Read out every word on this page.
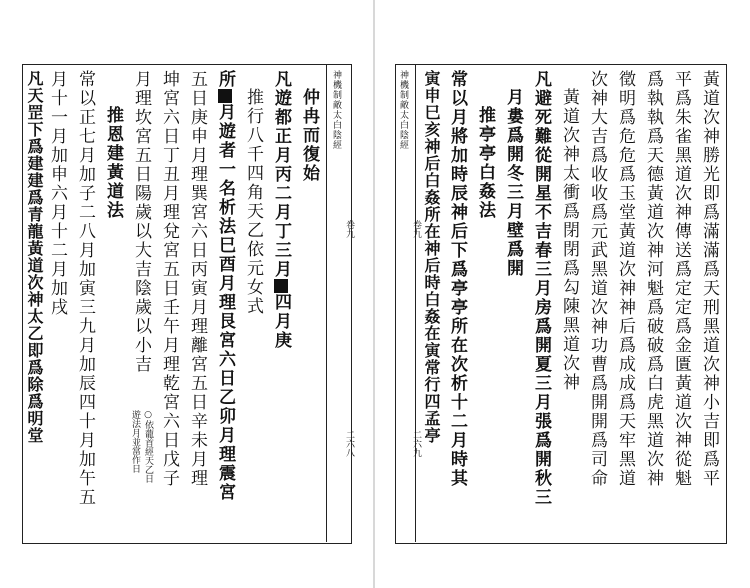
神機制敵太白陰經
卷九
二六八
仲冉而復始
凡遊都正月丙二月丁三月四月庚
推行八千四角天乙依元女式
所月遊者一名析法巳酉月理艮宮六日乙卯月理震宮
五日庚申月理巽宮六日丙寅月理離宮五日辛未月理
坤宮六日丁丑月理兌宮五日壬午月理乾宮六日戊子
月理坎宮五日陽歲以大吉陰歲以小吉
○依蘢首經天乙日
遊法月並當作日
推恩建黃道法
常以正七月加子二八月加寅三九月加辰四十月加午五
月十一月加申六月十二月加戌
凡天罡下爲建建爲青龍黃道次神太乙即爲除爲明堂	神機制敵太白陰經
卷九
二六九	黃道次神勝光即爲滿滿爲天刑黑道次神小吉即爲平
平爲朱雀黑道次神傳送爲定定爲金匱黃道次神從魁
爲執執爲天德黃道次神河魁爲破破爲白虎黑道次神
徵明爲危危爲玉堂黃道次神神后爲成成爲天牢黑道
次神大吉爲收收爲元武黑道次神功曹爲開開爲司命
黃道次神太衝爲閉閉爲勾陳黑道次神
凡避死難從開星不吉春三月房爲開夏三月張爲開秋三
月婁爲開冬三月壁爲開
推亭亭白姦法
常以月將加時辰神后下爲亭亭所在次析十二月時其
寅申巳亥神后白姦所在神后時白姦在寅常行四孟亭
